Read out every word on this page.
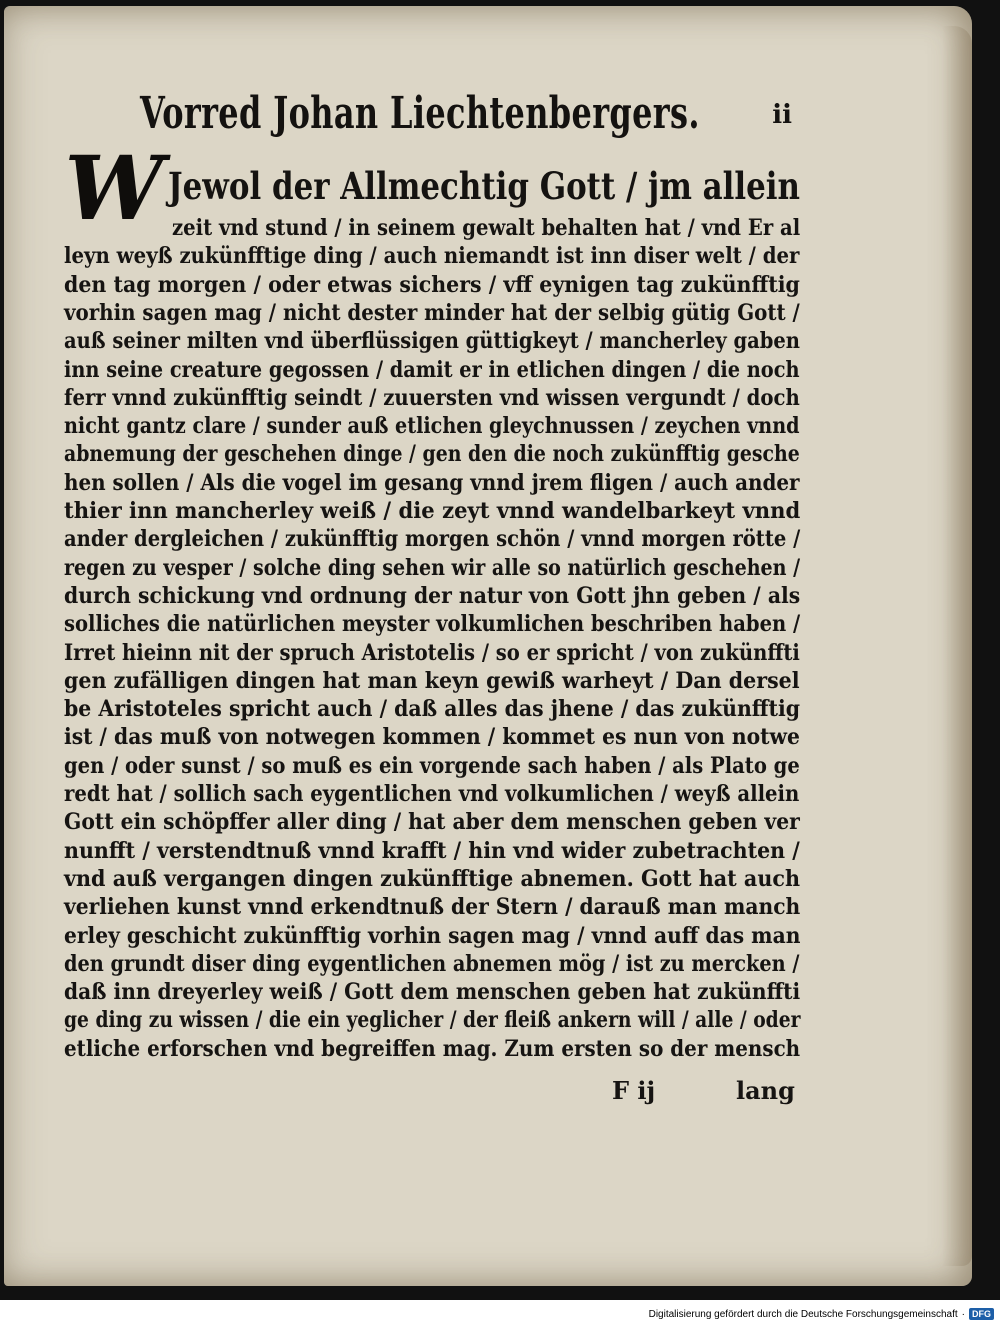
Vorred Johan Liechtenbergers.	ii
W Jewol der Allmechtig Gott / jm allein
zeit vnd stund / in seinem gewalt behalten hat / vnd Er al
leyn weyß zukünfftige ding / auch niemandt ist inn diser welt / der
den tag morgen / oder etwas sichers / vff eynigen tag zukünfftig
vorhin sagen mag / nicht dester minder hat der selbig gütig Gott /
auß seiner milten vnd überflüssigen güttigkeyt / mancherley gaben
inn seine creature gegossen / damit er in etlichen dingen / die noch
ferr vnnd zukünfftig seindt / zuuersten vnd wissen vergundt / doch
nicht gantz clare / sunder auß etlichen gleychnussen / zeychen vnnd
abnemung der geschehen dinge / gen den die noch zukünfftig gesche
hen sollen / Als die vogel im gesang vnnd jrem fligen / auch ander
thier inn mancherley weiß / die zeyt vnnd wandelbarkeyt vnnd
ander dergleichen / zukünfftig morgen schön / vnnd morgen rötte /
regen zu vesper / solche ding sehen wir alle so natürlich geschehen /
durch schickung vnd ordnung der natur von Gott jhn geben / als
solliches die natürlichen meyster volkumlichen beschriben haben /
Irret hieinn nit der spruch Aristotelis / so er spricht / von zukünffti
gen zufälligen dingen hat man keyn gewiß warheyt / Dan dersel
be Aristoteles spricht auch / daß alles das jhene / das zukünfftig
ist / das muß von notwegen kommen / kommet es nun von notwe
gen / oder sunst / so muß es ein vorgende sach haben / als Plato ge
redt hat / sollich sach eygentlichen vnd volkumlichen / weyß allein
Gott ein schöpffer aller ding / hat aber dem menschen geben ver
nunfft / verstendtnuß vnnd krafft / hin vnd wider zubetrachten /
vnd auß vergangen dingen zukünfftige abnemen. Gott hat auch
verliehen kunst vnnd erkendtnuß der Stern / darauß man manch
erley geschicht zukünfftig vorhin sagen mag / vnnd auff das man
den grundt diser ding eygentlichen abnemen mög / ist zu mercken /
daß inn dreyerley weiß / Gott dem menschen geben hat zukünffti
ge ding zu wissen / die ein yeglicher / der fleiß ankern will / alle / oder
etliche erforschen vnd begreiffen mag. Zum ersten so der mensch
F ij	lang
Digitalisierung gefördert durch die Deutsche Forschungsgemeinschaft · DFG
